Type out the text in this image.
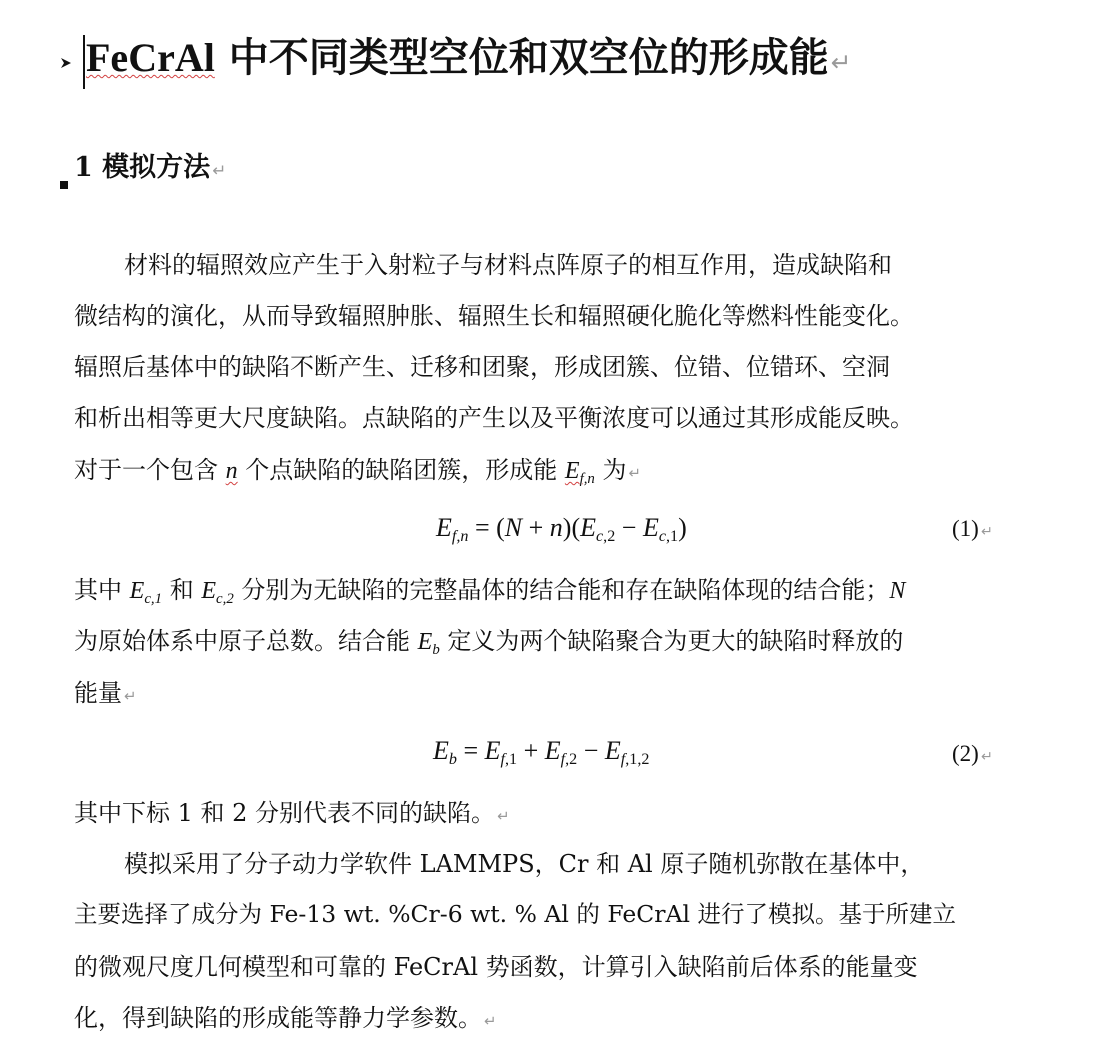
FeCrAl 中不同类型空位和双空位的形成能↵
1 模拟方法 ↵
材料的辐照效应产生于入射粒子与材料点阵原子的相互作用，造成缺陷和
微结构的演化，从而导致辐照肿胀、辐照生长和辐照硬化脆化等燃料性能变化。
辐照后基体中的缺陷不断产生、迁移和团聚，形成团簇、位错、位错环、空洞
和析出相等更大尺度缺陷。点缺陷的产生以及平衡浓度可以通过其形成能反映。
对于一个包含 n 个点缺陷的缺陷团簇，形成能 $E_{f,n}$ 为 ↵
$E_{f,n} = (N + n)(E_{c,2} - E_{c,1})$	(1) ↵
其中 $E_{c,1}$ 和 $E_{c,2}$ 分别为无缺陷的完整晶体的结合能和存在缺陷体现的结合能；N
为原始体系中原子总数。结合能 $E_b$ 定义为两个缺陷聚合为更大的缺陷时释放的
能量 ↵
$E_b = E_{f,1} + E_{f,2} - E_{f,1,2}$	(2) ↵
其中下标 1 和 2 分别代表不同的缺陷。 ↵
模拟采用了分子动力学软件 LAMMPS，Cr 和 Al 原子随机弥散在基体中，
主要选择了成分为 Fe-13 wt. %Cr-6 wt. % Al 的 FeCrAl 进行了模拟。基于所建立
的微观尺度几何模型和可靠的 FeCrAl 势函数，计算引入缺陷前后体系的能量变
化，得到缺陷的形成能等静力学参数。 ↵
